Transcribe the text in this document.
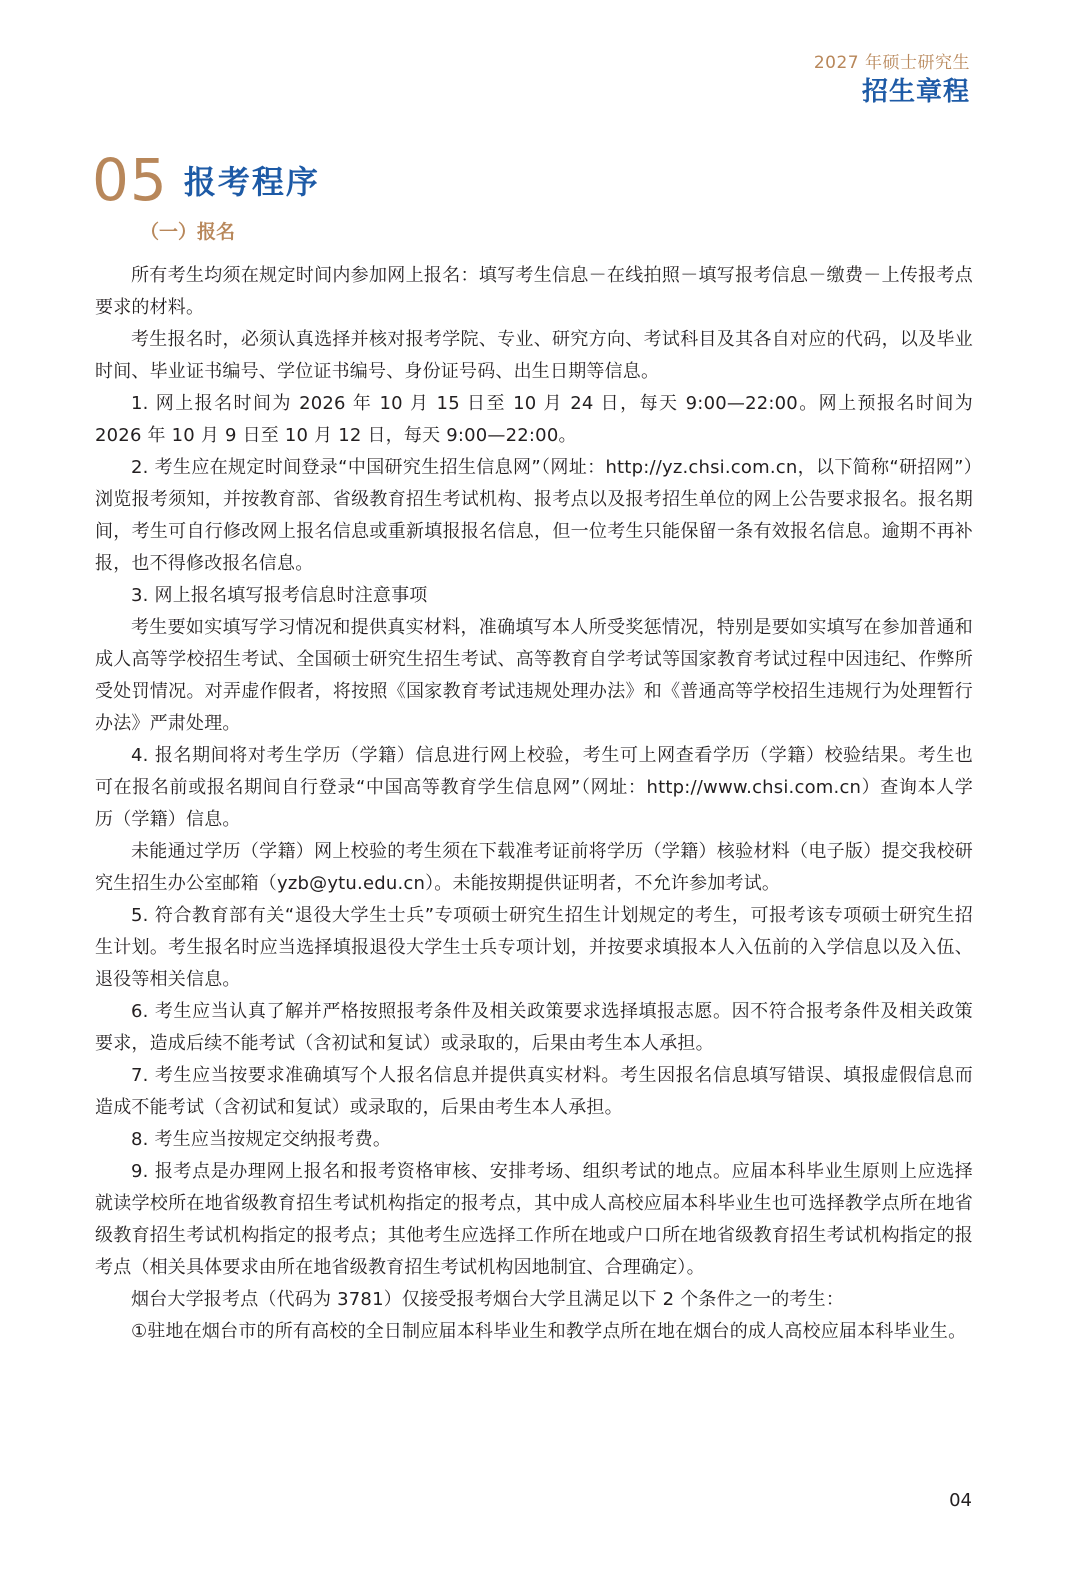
2027 年硕士研究生
招生章程
05 报考程序
（一）报名

所有考生均须在规定时间内参加网上报名：填写考生信息－在线拍照－填写报考信息－缴费－上传报考点要求的材料。

考生报名时，必须认真选择并核对报考学院、专业、研究方向、考试科目及其各自对应的代码，以及毕业时间、毕业证书编号、学位证书编号、身份证号码、出生日期等信息。

1. 网上报名时间为 2026 年 10 月 15 日至 10 月 24 日，每天 9:00—22:00。网上预报名时间为 2026 年 10 月 9 日至 10 月 12 日，每天 9:00—22:00。

2. 考生应在规定时间登录“中国研究生招生信息网”（网址：http://yz.chsi.com.cn，以下简称“研招网”）浏览报考须知，并按教育部、省级教育招生考试机构、报考点以及报考招生单位的网上公告要求报名。报名期间，考生可自行修改网上报名信息或重新填报报名信息，但一位考生只能保留一条有效报名信息。逾期不再补报，也不得修改报名信息。

3. 网上报名填写报考信息时注意事项

考生要如实填写学习情况和提供真实材料，准确填写本人所受奖惩情况，特别是要如实填写在参加普通和成人高等学校招生考试、全国硕士研究生招生考试、高等教育自学考试等国家教育考试过程中因违纪、作弊所受处罚情况。对弄虚作假者，将按照《国家教育考试违规处理办法》和《普通高等学校招生违规行为处理暂行办法》严肃处理。

4. 报名期间将对考生学历（学籍）信息进行网上校验，考生可上网查看学历（学籍）校验结果。考生也可在报名前或报名期间自行登录“中国高等教育学生信息网”（网址：http://www.chsi.com.cn）查询本人学历（学籍）信息。

未能通过学历（学籍）网上校验的考生须在下载准考证前将学历（学籍）核验材料（电子版）提交我校研究生招生办公室邮箱（yzb@ytu.edu.cn）。未能按期提供证明者，不允许参加考试。

5. 符合教育部有关“退役大学生士兵”专项硕士研究生招生计划规定的考生，可报考该专项硕士研究生招生计划。考生报名时应当选择填报退役大学生士兵专项计划，并按要求填报本人入伍前的入学信息以及入伍、退役等相关信息。

6. 考生应当认真了解并严格按照报考条件及相关政策要求选择填报志愿。因不符合报考条件及相关政策要求，造成后续不能考试（含初试和复试）或录取的，后果由考生本人承担。

7. 考生应当按要求准确填写个人报名信息并提供真实材料。考生因报名信息填写错误、填报虚假信息而造成不能考试（含初试和复试）或录取的，后果由考生本人承担。

8. 考生应当按规定交纳报考费。

9. 报考点是办理网上报名和报考资格审核、安排考场、组织考试的地点。应届本科毕业生原则上应选择就读学校所在地省级教育招生考试机构指定的报考点，其中成人高校应届本科毕业生也可选择教学点所在地省级教育招生考试机构指定的报考点；其他考生应选择工作所在地或户口所在地省级教育招生考试机构指定的报考点（相关具体要求由所在地省级教育招生考试机构因地制宜、合理确定）。

烟台大学报考点（代码为 3781）仅接受报考烟台大学且满足以下 2 个条件之一的考生：

①驻地在烟台市的所有高校的全日制应届本科毕业生和教学点所在地在烟台的成人高校应届本科毕业生。

04
